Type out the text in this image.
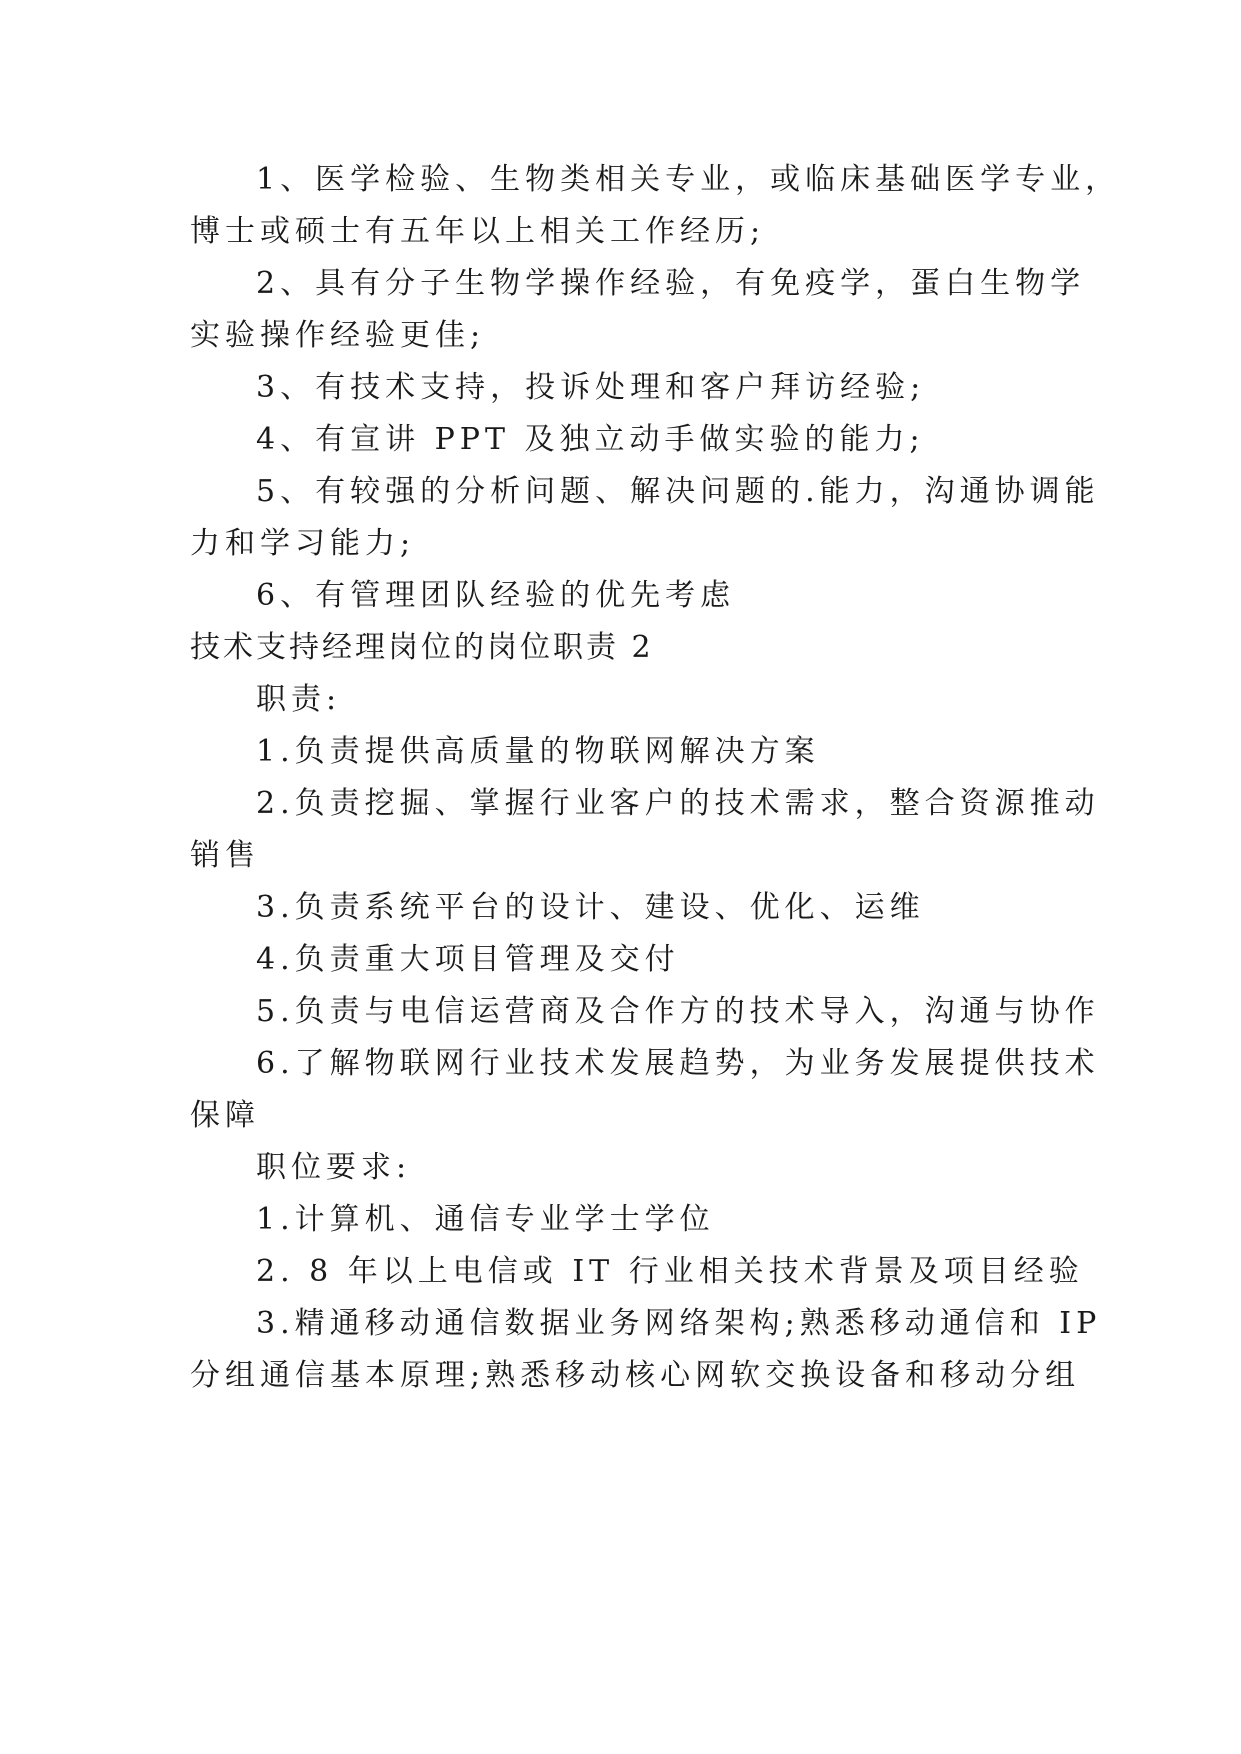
1、医学检验、生物类相关专业，或临床基础医学专业，
博士或硕士有五年以上相关工作经历;
2、具有分子生物学操作经验，有免疫学，蛋白生物学
实验操作经验更佳;
3、有技术支持，投诉处理和客户拜访经验;
4、有宣讲 PPT 及独立动手做实验的能力;
5、有较强的分析问题、解决问题的.能力，沟通协调能
力和学习能力;
6、有管理团队经验的优先考虑
技术支持经理岗位的岗位职责 2
职责:
1.负责提供高质量的物联网解决方案
2.负责挖掘、掌握行业客户的技术需求，整合资源推动
销售
3.负责系统平台的设计、建设、优化、运维
4.负责重大项目管理及交付
5.负责与电信运营商及合作方的技术导入，沟通与协作
6.了解物联网行业技术发展趋势，为业务发展提供技术
保障
职位要求:
1.计算机、通信专业学士学位
2. 8 年以上电信或 IT 行业相关技术背景及项目经验
3.精通移动通信数据业务网络架构;熟悉移动通信和 IP
分组通信基本原理;熟悉移动核心网软交换设备和移动分组
